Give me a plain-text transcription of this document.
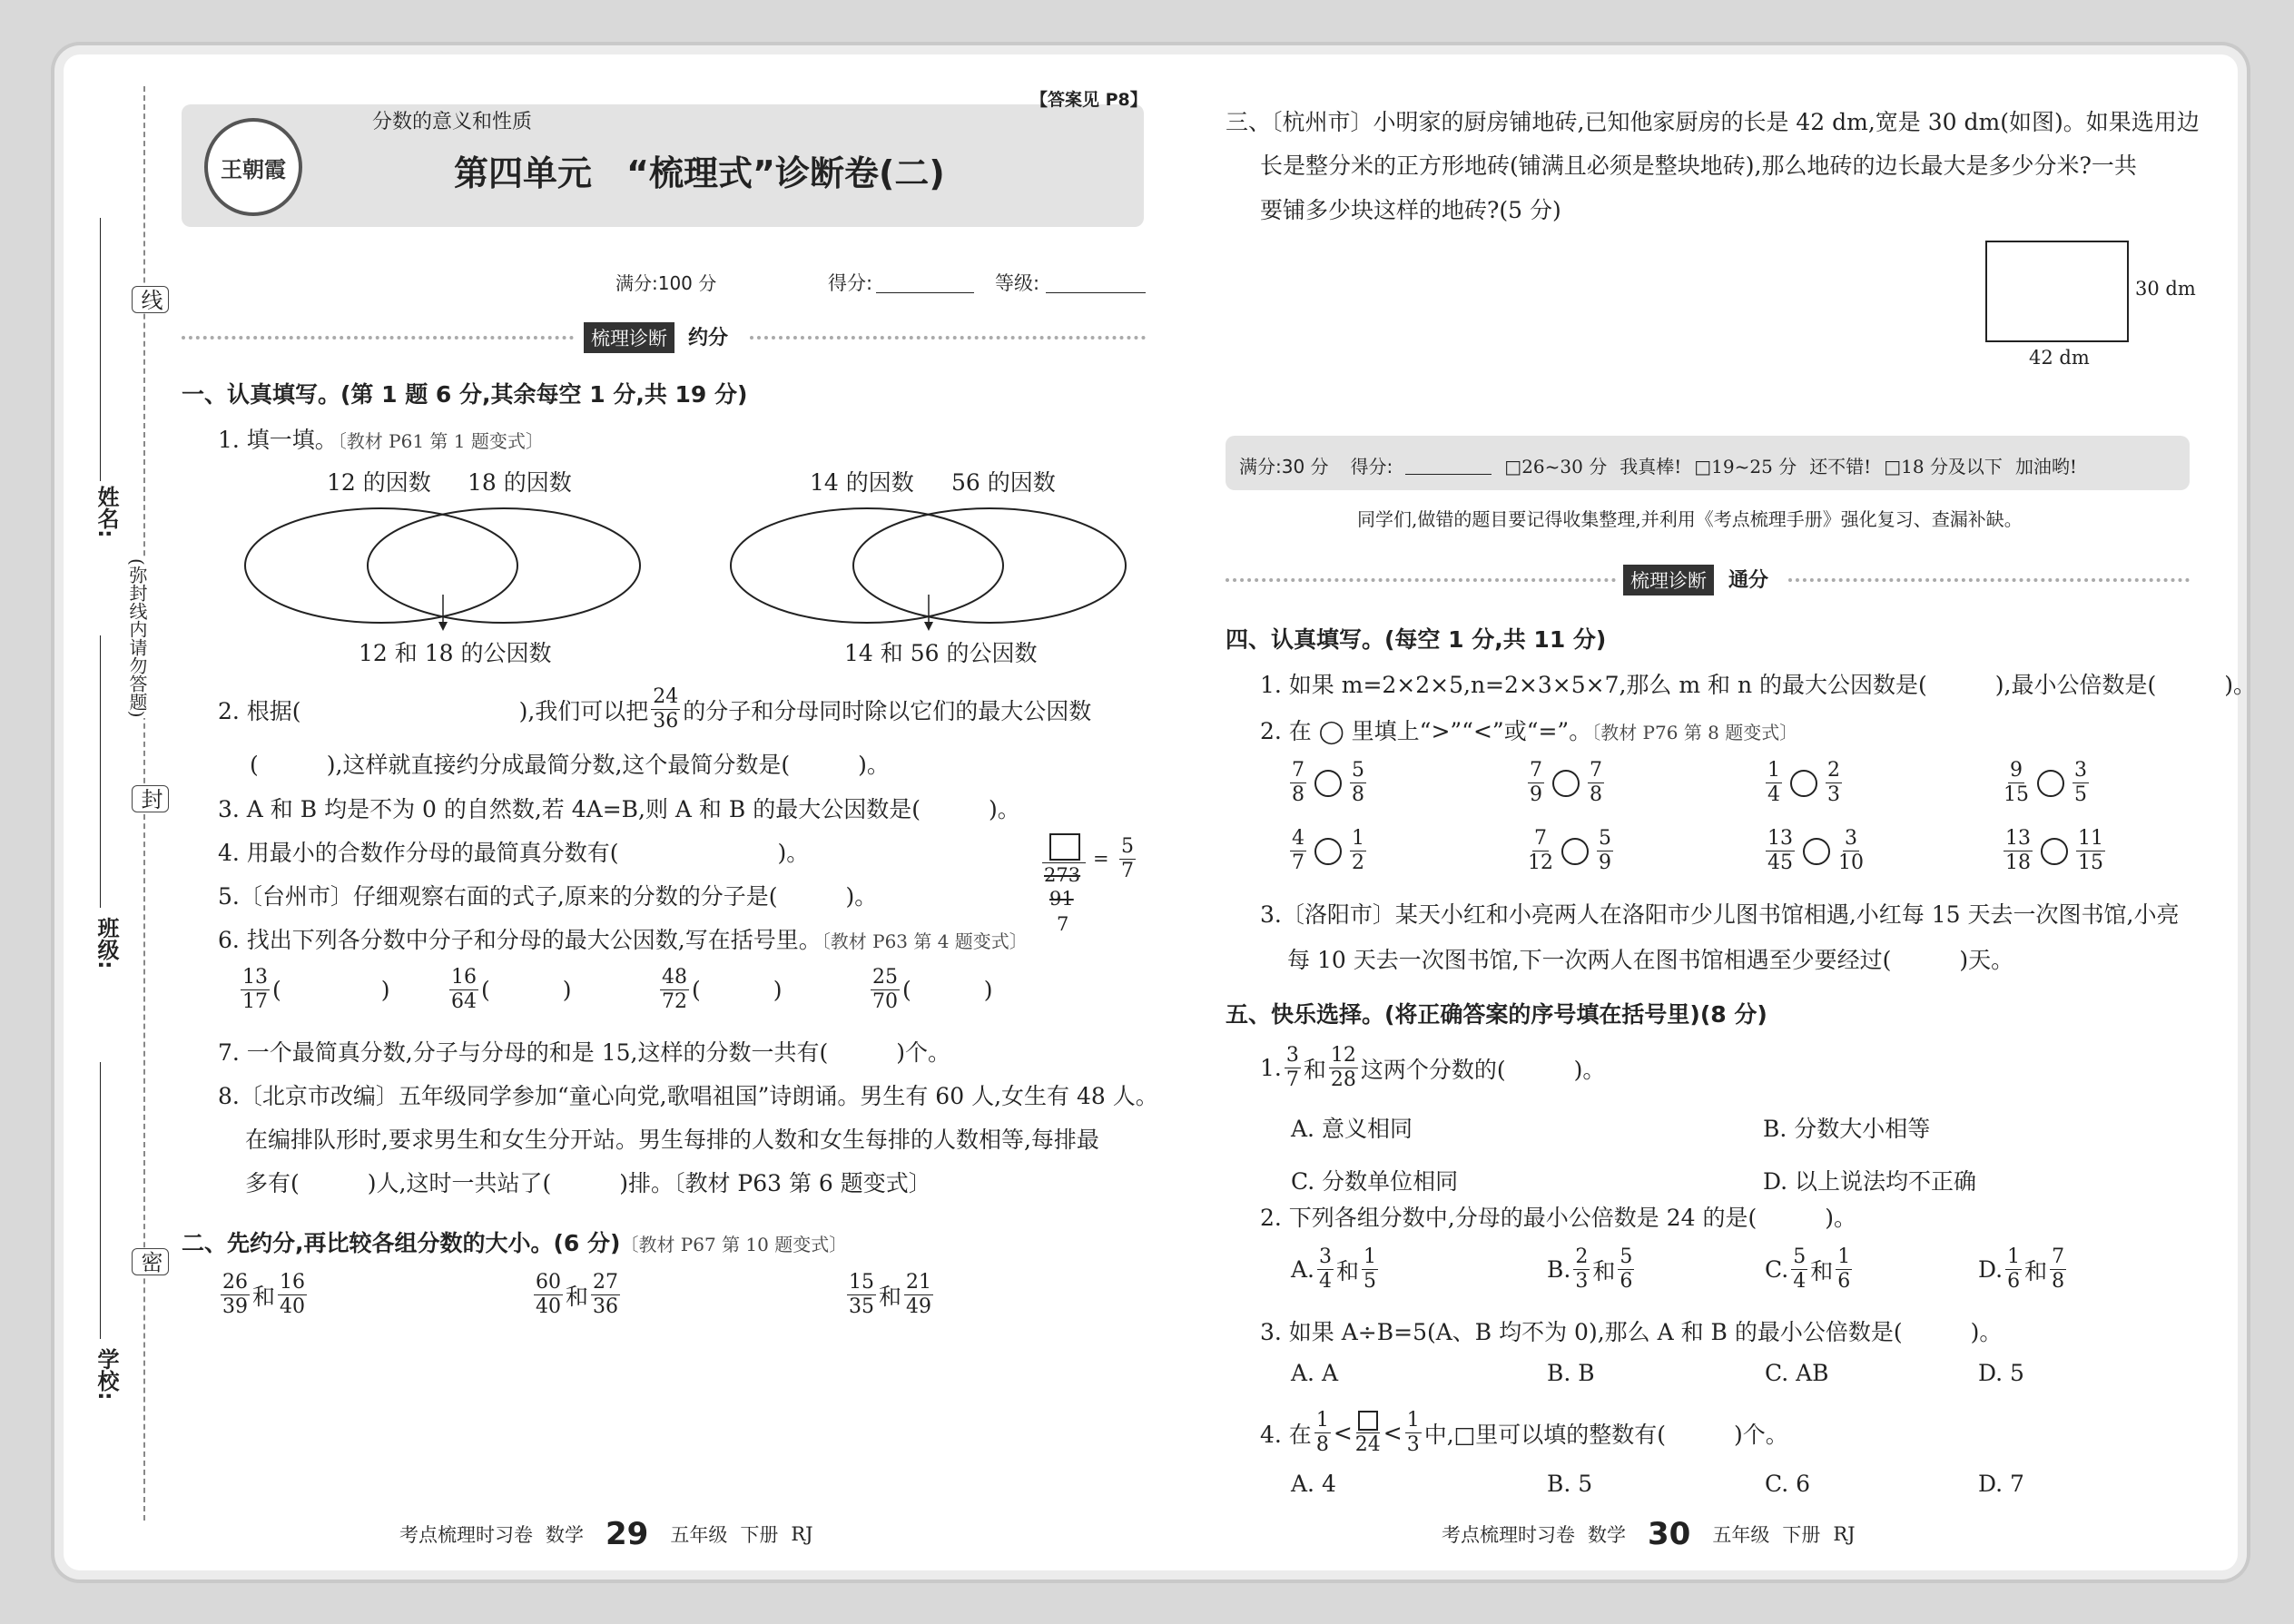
线
封
密
(弥封线内请勿答题)
姓名:
班级:
学校:
王朝霞
分数的意义和性质
【答案见 P8】
第四单元　“梳理式”诊断卷(二)
满分:100 分	得分:	等级:
梳理诊断	约分
一、认真填写。(第 1 题 6 分,其余每空 1 分,共 19 分)
1. 填一填。〔教材 P61 第 1 题变式〕
12 的因数 18 的因数
12 和 18 的公因数
14 的因数 56 的因数
14 和 56 的公因数
2. 根据(	),我们可以把 $\frac{24}{36}$ 的分子和分母同时除以它们的最大公因数
(　　　),这样就直接约分成最简分数,这个最简分数是(　　　)。
3. A 和 B 均是不为 0 的自然数,若 4A=B,则 A 和 B 的最大公因数是(　　　)。
4. 用最小的合数作分母的最简真分数有(　　　　　　　)。
5.〔台州市〕仔细观察右面的式子,原来的分数的分子是(　　　)。
273
91
7
= $\frac{5}{7}$
6. 找出下列各分数中分子和分母的最大公因数,写在括号里。〔教材 P63 第 4 题变式〕
$\frac{13}{17}$ (	)	$\frac{16}{64}$ (	)	$\frac{48}{72}$ (	)	$\frac{25}{70}$ (	)
7. 一个最简真分数,分子与分母的和是 15,这样的分数一共有(　　　)个。
8.〔北京市改编〕五年级同学参加“童心向党,歌唱祖国”诗朗诵。男生有 60 人,女生有 48 人。
在编排队形时,要求男生和女生分开站。男生每排的人数和女生每排的人数相等,每排最
多有(　　　)人,这时一共站了(　　　)排。〔教材 P63 第 6 题变式〕
二、先约分,再比较各组分数的大小。(6 分)〔教材 P67 第 10 题变式〕
$\frac{26}{39}$ 和 $\frac{16}{40}$	$\frac{60}{40}$ 和 $\frac{27}{36}$	$\frac{15}{35}$ 和 $\frac{21}{49}$
考点梳理时习卷 数学 29 五年级 下册 RJ
三、〔杭州市〕小明家的厨房铺地砖,已知他家厨房的长是 42 dm,宽是 30 dm(如图)。如果选用边
长是整分米的正方形地砖(铺满且必须是整块地砖),那么地砖的边长最大是多少分米?一共
要铺多少块这样的地砖?(5 分)
30 dm
42 dm
满分:30 分 得分:	□26~30 分 我真棒! □19~25 分 还不错! □18 分及以下 加油哟!
同学们,做错的题目要记得收集整理,并利用《考点梳理手册》强化复习、查漏补缺。
梳理诊断	通分
四、认真填写。(每空 1 分,共 11 分)
1. 如果 m=2×2×5,n=2×3×5×7,那么 m 和 n 的最大公因数是(　　　),最小公倍数是(　　　)。
2. 在 ◯ 里填上“>”“<”或“=”。〔教材 P76 第 8 题变式〕
$\frac{7}{8} \frac{5}{8}$	$\frac{7}{9} \frac{7}{8}$	$\frac{1}{4} \frac{2}{3}$	$\frac{9}{15} \frac{3}{5}$
$\frac{4}{7} \frac{1}{2}$	$\frac{7}{12} \frac{5}{9}$	$\frac{13}{45} \frac{3}{10}$	$\frac{13}{18} \frac{11}{15}$
3.〔洛阳市〕某天小红和小亮两人在洛阳市少儿图书馆相遇,小红每 15 天去一次图书馆,小亮
每 10 天去一次图书馆,下一次两人在图书馆相遇至少要经过(　　　)天。
五、快乐选择。(将正确答案的序号填在括号里)(8 分)
1. $\frac{3}{7}$ 和 $\frac{12}{28}$ 这两个分数的(　　　)。
A. 意义相同	B. 分数大小相等
C. 分数单位相同	D. 以上说法均不正确
2. 下列各组分数中,分母的最小公倍数是 24 的是(　　　)。
A. $\frac{3}{4}$ 和 $\frac{1}{5}$	B. $\frac{2}{3}$ 和 $\frac{5}{6}$	C. $\frac{5}{4}$ 和 $\frac{1}{6}$	D. $\frac{1}{6}$ 和 $\frac{7}{8}$
3. 如果 A÷B=5(A、B 均不为 0),那么 A 和 B 的最小公倍数是(　　　)。
A. A	B. B	C. AB	D. 5
4. 在 $\frac{1}{8} < 24 < \frac{1}{3}$ 中,□里可以填的整数有(　　　)个。
A. 4	B. 5	C. 6	D. 7
考点梳理时习卷 数学 30 五年级 下册 RJ
